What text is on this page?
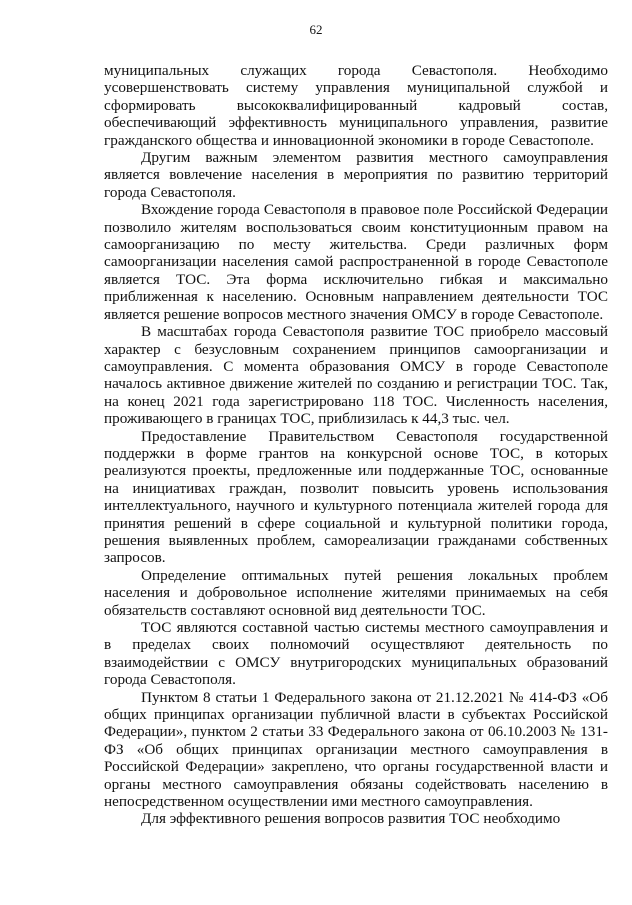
62

муниципальных служащих города Севастополя. Необходимо усовершенствовать систему управления муниципальной службой и сформировать высококвалифицированный кадровый состав, обеспечивающий эффективность муниципального управления, развитие гражданского общества и инновационной экономики в городе Севастополе.

Другим важным элементом развития местного самоуправления является вовлечение населения в мероприятия по развитию территорий города Севастополя.

Вхождение города Севастополя в правовое поле Российской Федерации позволило жителям воспользоваться своим конституционным правом на самоорганизацию по месту жительства. Среди различных форм самоорганизации населения самой распространенной в городе Севастополе является ТОС. Эта форма исключительно гибкая и максимально приближенная к населению. Основным направлением деятельности ТОС является решение вопросов местного значения ОМСУ в городе Севастополе.

В масштабах города Севастополя развитие ТОС приобрело массовый характер с безусловным сохранением принципов самоорганизации и самоуправления. С момента образования ОМСУ в городе Севастополе началось активное движение жителей по созданию и регистрации ТОС. Так, на конец 2021 года зарегистрировано 118 ТОС. Численность населения, проживающего в границах ТОС, приблизилась к 44,3 тыс. чел.

Предоставление Правительством Севастополя государственной поддержки в форме грантов на конкурсной основе ТОС, в которых реализуются проекты, предложенные или поддержанные ТОС, основанные на инициативах граждан, позволит повысить уровень использования интеллектуального, научного и культурного потенциала жителей города для принятия решений в сфере социальной и культурной политики города, решения выявленных проблем, самореализации гражданами собственных запросов.

Определение оптимальных путей решения локальных проблем населения и добровольное исполнение жителями принимаемых на себя обязательств составляют основной вид деятельности ТОС.

ТОС являются составной частью системы местного самоуправления и в пределах своих полномочий осуществляют деятельность по взаимодействии с ОМСУ внутригородских муниципальных образований города Севастополя.

Пунктом 8 статьи 1 Федерального закона от 21.12.2021 № 414-ФЗ «Об общих принципах организации публичной власти в субъектах Российской Федерации», пунктом 2 статьи 33 Федерального закона от 06.10.2003 № 131-ФЗ «Об общих принципах организации местного самоуправления в Российской Федерации» закреплено, что органы государственной власти и органы местного самоуправления обязаны содействовать населению в непосредственном осуществлении ими местного самоуправления.

Для эффективного решения вопросов развития ТОС необходимо
